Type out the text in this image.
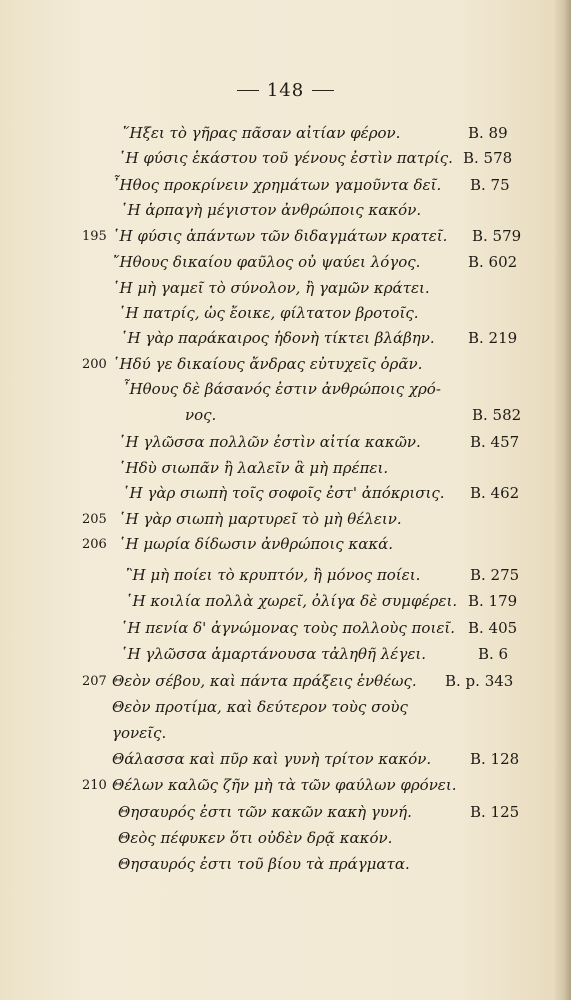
148
῞Ηξει τὸ γῆρας πᾶσαν αἰτίαν φέρον.	B. 89
῾Η φύσις ἑκάστου τοῦ γένους ἐστὶν πατρίς. B. 578
῏Ηθος προκρίνειν χρημάτων γαμοῦντα δεῖ. B. 75
῾Η ἁρπαγὴ μέγιστον ἀνθρώποις κακόν.
195 ῾Η φύσις ἁπάντων τῶν διδαγμάτων κρατεῖ. B. 579
῎Ηθους δικαίου φαῦλος οὐ ψαύει λόγος.	B. 602
῾Η μὴ γαμεῖ τὸ σύνολον, ἢ γαμῶν κράτει.
῾Η πατρίς, ὡς ἔοικε, φίλτατον βροτοῖς.
῾Η γὰρ παράκαιρος ἡδονὴ τίκτει βλάβην. B. 219
200 ῾Ηδύ γε δικαίους ἄνδρας εὐτυχεῖς ὁρᾶν.
῏Ηθους δὲ βάσανός ἐστιν ἀνθρώποις χρό-
νος.	B. 582
῾Η γλῶσσα πολλῶν ἐστὶν αἰτία κακῶν.	B. 457
῾Ηδὺ σιωπᾶν ἢ λαλεῖν ἃ μὴ πρέπει.
῾Η γὰρ σιωπὴ τοῖς σοφοῖς ἐστ' ἀπόκρισις. B. 462
205 ῾Η γὰρ σιωπὴ μαρτυρεῖ τὸ μὴ θέλειν.
206 ῾Η μωρία δίδωσιν ἀνθρώποις κακά.
῍Η μὴ ποίει τὸ κρυπτόν, ἢ μόνος ποίει.	B. 275
῾Η κοιλία πολλὰ χωρεῖ, ὀλίγα δὲ συμφέρει. B. 179
῾Η πενία δ' ἀγνώμονας τοὺς πολλοὺς ποιεῖ. B. 405
῾Η γλῶσσα ἁμαρτάνουσα τἀληθῆ λέγει.	B. 6
207 Θεὸν σέβου, καὶ πάντα πράξεις ἐνθέως. B. p. 343
Θεὸν προτίμα, καὶ δεύτερον τοὺς σοὺς
γονεῖς.
Θάλασσα καὶ πῦρ καὶ γυνὴ τρίτον κακόν.	B. 128
210 Θέλων καλῶς ζῆν μὴ τὰ τῶν φαύλων φρόνει.
Θησαυρός ἐστι τῶν κακῶν κακὴ γυνή.	B. 125
Θεὸς πέφυκεν ὅτι οὐδὲν δρᾷ κακόν.
Θησαυρός ἐστι τοῦ βίου τὰ πράγματα.
